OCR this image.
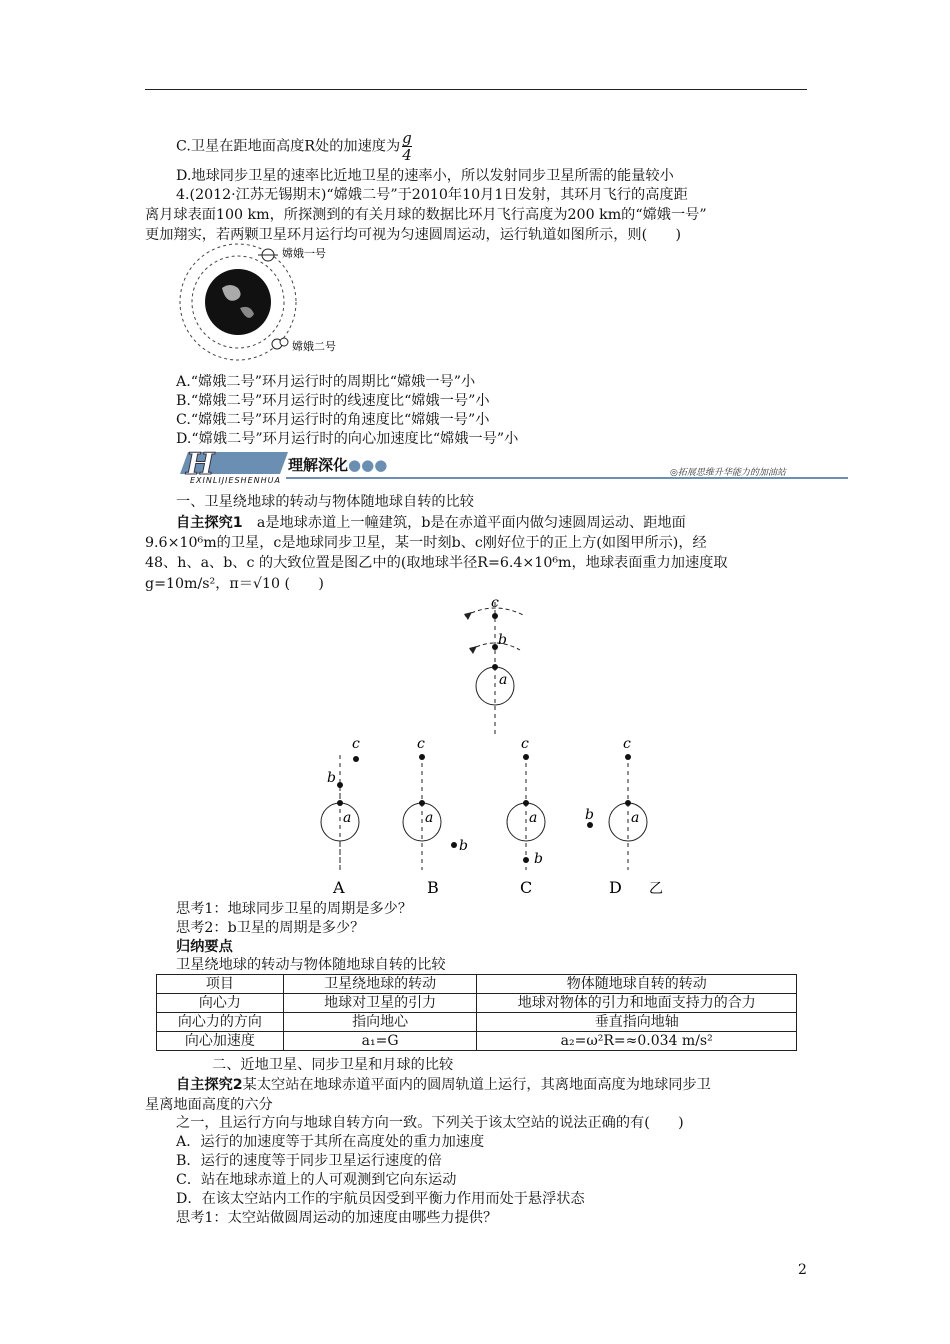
C.卫星在距地面高度R处的加速度为 $\frac{g}{4}$
D.地球同步卫星的速率比近地卫星的速率小，所以发射同步卫星所需的能量较小
4.(2012·江苏无锡期末)“嫦娥二号”于2010年10月1日发射，其环月飞行的高度距
离月球表面100 km，所探测到的有关月球的数据比环月飞行高度为200 km的“嫦娥一号”
更加翔实，若两颗卫星环月运行均可视为匀速圆周运动，运行轨道如图所示，则(　　)
嫦娥一号
嫦娥二号
A.“嫦娥二号”环月运行时的周期比“嫦娥一号”小
B.“嫦娥二号”环月运行时的线速度比“嫦娥一号”小
C.“嫦娥二号”环月运行时的角速度比“嫦娥一号”小
D.“嫦娥二号”环月运行时的向心加速度比“嫦娥一号”小
H	理解深化●●●
EXINLIJIESHENHUA
◎拓展思维升华能力的加油站
一、卫星绕地球的转动与物体随地球自转的比较
自主探究1　a是地球赤道上一幢建筑，b是在赤道平面内做匀速圆周运动、距地面
9.6×10⁶m的卫星，c是地球同步卫星，某一时刻b、c刚好位于的正上方(如图甲所示)，经
48、h、a、b、c 的大致位置是图乙中的(取地球半径R=6.4×10⁶m，地球表面重力加速度取
g=10m/s²，π＝√10 (　　)
c
b
a
a
b
c
a
c
b
a
c
b
a
c
b
A	B	C	D 乙
思考1：地球同步卫星的周期是多少？
思考2：b卫星的周期是多少？
归纳要点
卫星绕地球的转动与物体随地球自转的比较
项目	卫星绕地球的转动	物体随地球自转的转动
向心力	地球对卫星的引力	地球对物体的引力和地面支持力的合力
向心力的方向	指向地心	垂直指向地轴
向心加速度	a₁=G	a₂=ω²R=≈0.034 m/s²
二、近地卫星、同步卫星和月球的比较
自主探究2某太空站在地球赤道平面内的圆周轨道上运行，其离地面高度为地球同步卫
星离地面高度的六分
之一，且运行方向与地球自转方向一致。下列关于该太空站的说法正确的有(　　)
A．运行的加速度等于其所在高度处的重力加速度
B．运行的速度等于同步卫星运行速度的倍
C．站在地球赤道上的人可观测到它向东运动
D．在该太空站内工作的宇航员因受到平衡力作用而处于悬浮状态
思考1：太空站做圆周运动的加速度由哪些力提供？
2
